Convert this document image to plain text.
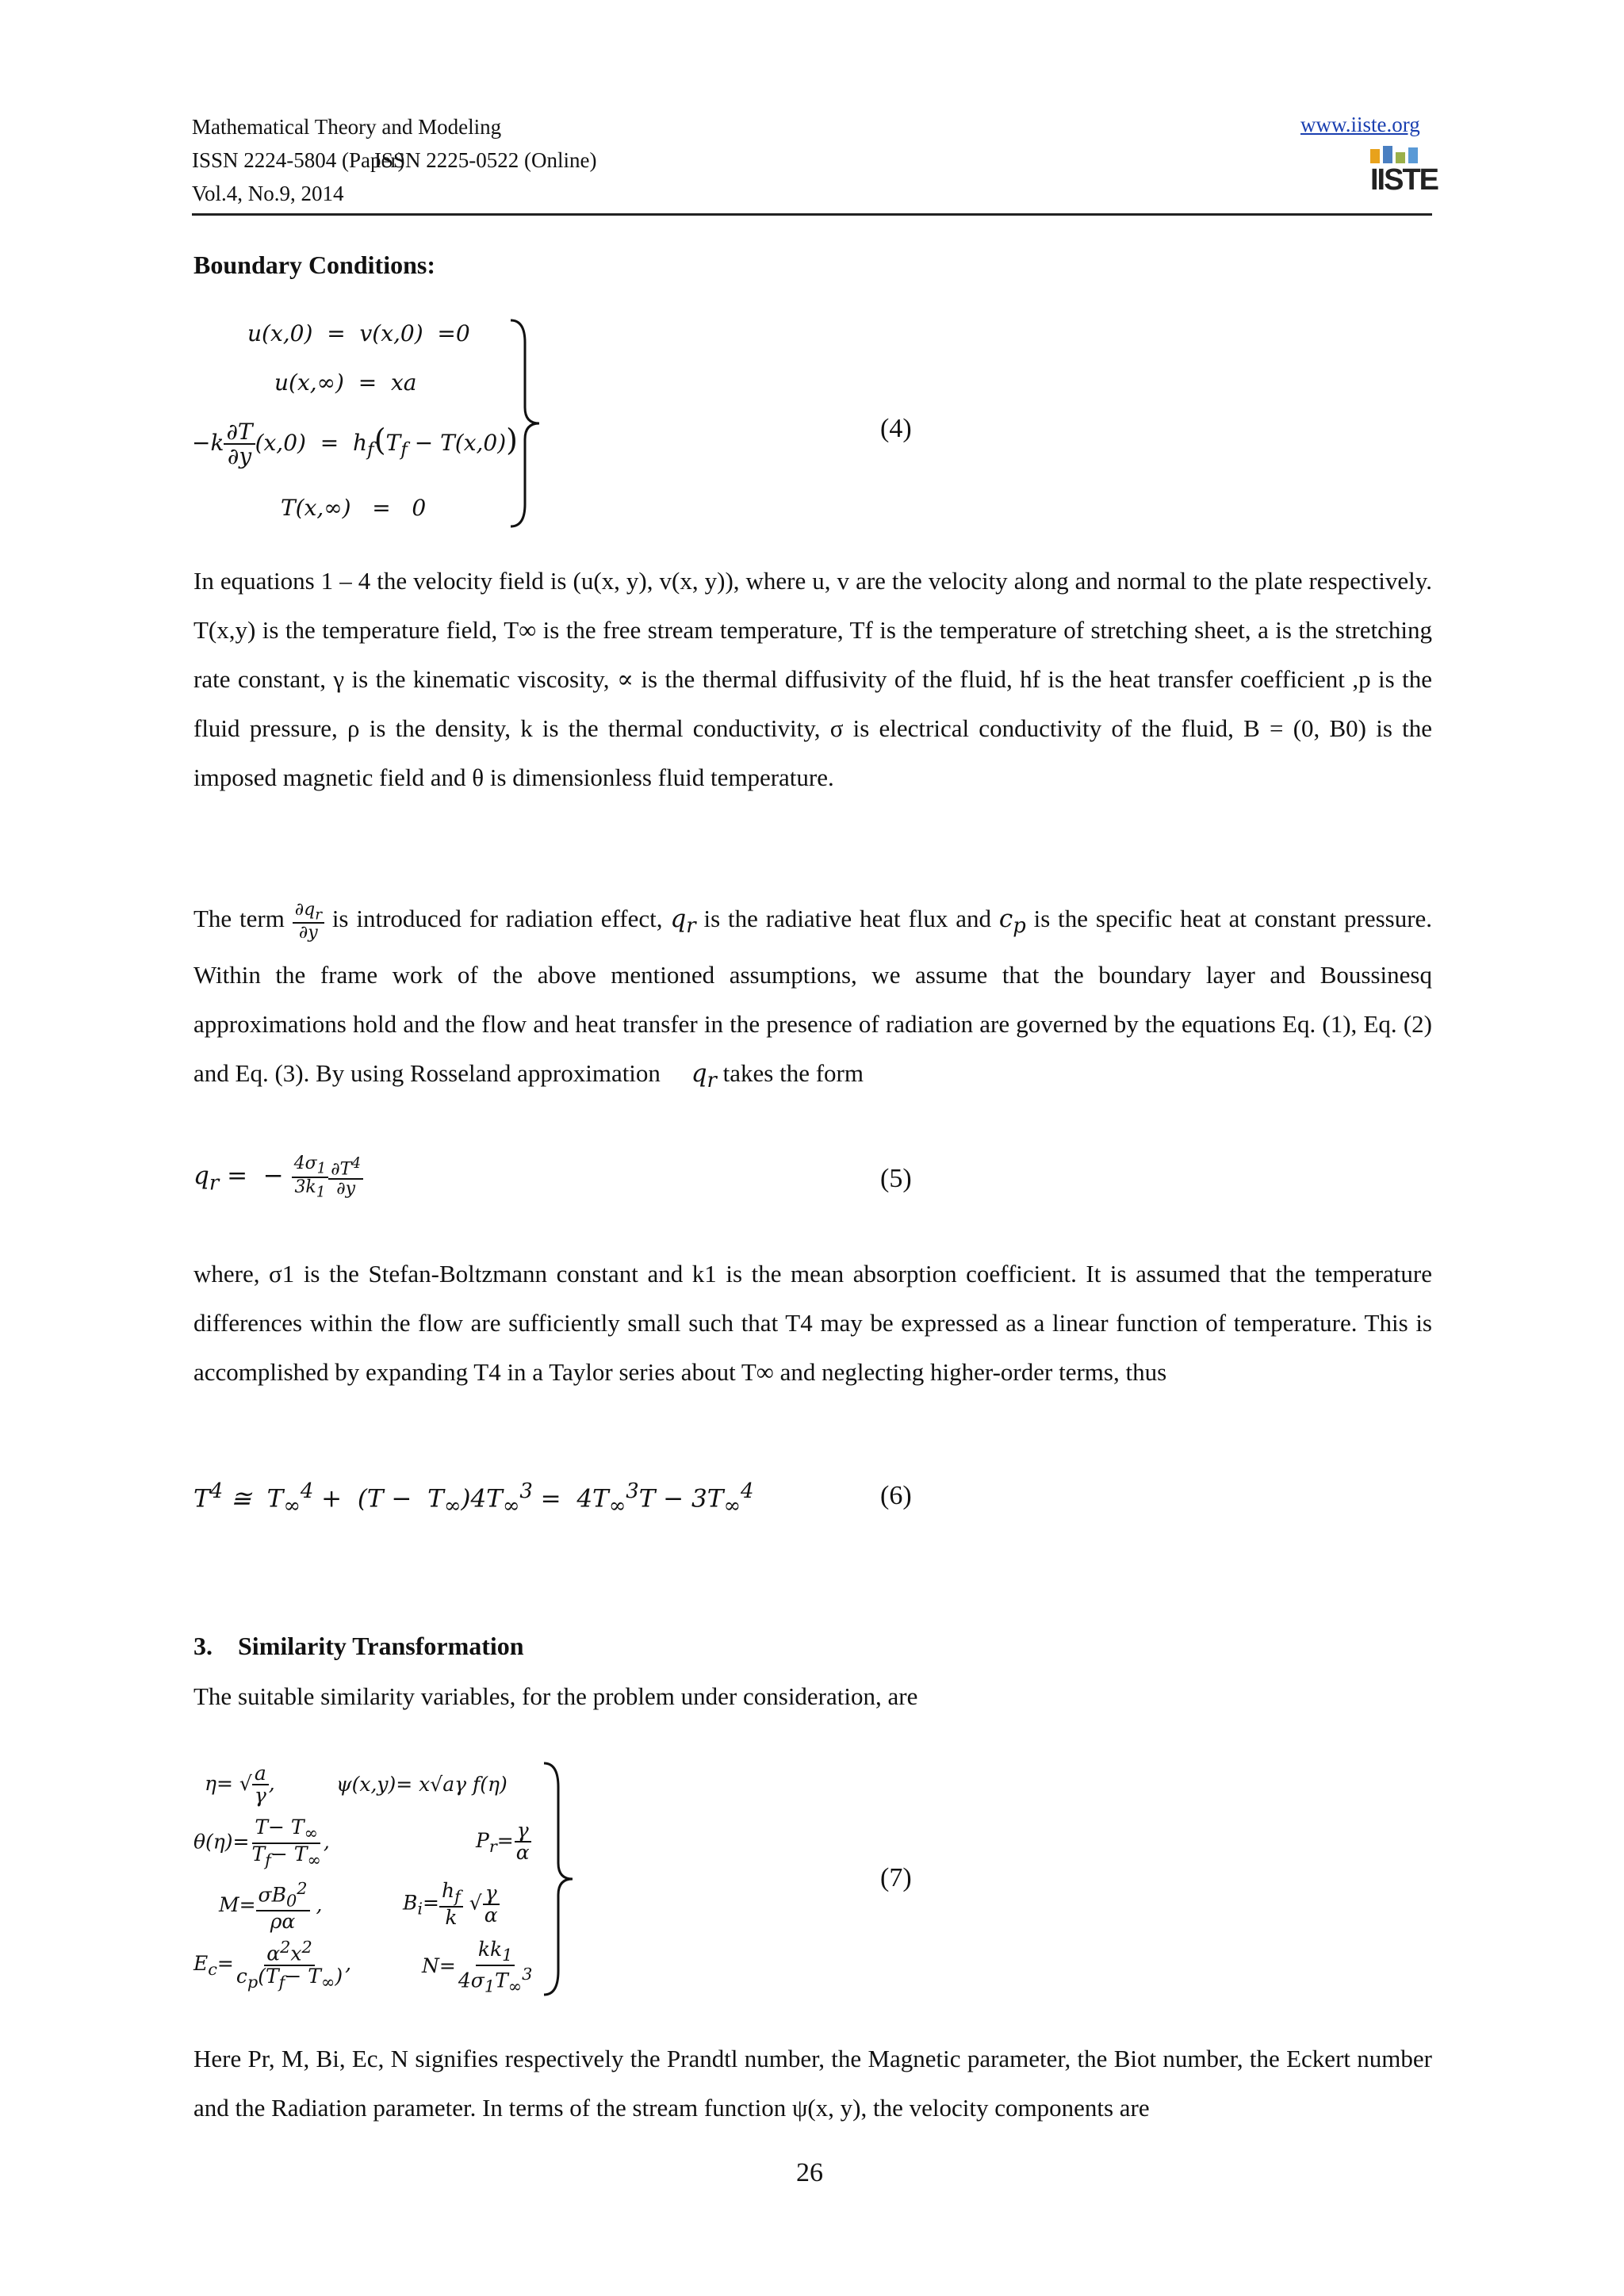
Mathematical Theory and Modeling
ISSN 2224-5804 (Paper)
ISSN 2225-0522 (Online)
Vol.4, No.9, 2014
www.iiste.org
IISTE
Boundary Conditions:
u(x,0)  =  v(x,0)  =0
u(x,∞)  =  xa
$-k \frac{\partial T}{\partial y} (x,0) = h_f(T_f - T(x,0))$
T(x,∞)   =   0
(4)

In equations 1 – 4 the velocity field is (u(x, y), v(x, y)), where u, v are the velocity along and normal to the plate respectively. T(x,y) is the temperature field, T∞ is the free stream temperature, Tf is the temperature of stretching sheet, a is the stretching rate constant, γ is the kinematic viscosity, ∝ is the thermal diffusivity of the fluid, hf is the heat transfer coefficient ,p is the fluid pressure, ρ is the density, k is the thermal conductivity, σ is electrical conductivity of the fluid, B = (0, B0) is the imposed magnetic field and θ is dimensionless fluid temperature.

The term $\frac{\partial q_r}{\partial y}$ is introduced for radiation effect, $q_r$ is the radiative heat flux and $c_p$ is the specific heat at constant pressure. Within the frame work of the above mentioned assumptions, we assume that the boundary layer and Boussinesq approximations hold and the flow and heat transfer in the presence of radiation are governed by the equations Eq. (1), Eq. (2) and Eq. (3). By using Rosseland approximation $q_r$ takes the form

$q_r$ =  − $\frac{4\sigma_1}{3k_1} \frac{\partial T^4}{\partial y}$	(5)

where, σ1 is the Stefan-Boltzmann constant and k1 is the mean absorption coefficient. It is assumed that the temperature differences within the flow are sufficiently small such that T4 may be expressed as a linear function of temperature. This is accomplished by expanding T4 in a Taylor series about T∞ and neglecting higher-order terms, thus

$T^4$ ≅  $T_\infty^4 + (T - T_\infty)4T_\infty^3 = 4T_\infty^3T - 3T_\infty^4$	(6)
3. Similarity Transformation
The suitable similarity variables, for the problem under consideration, are
η= √ $\frac{a}{\gamma}$ ,	ψ(x,y)= x√aγ f(η)
$\theta(\eta)= \frac{T- T_\infty}{T_f- T_\infty}$ ,	$P_r= \frac{\gamma}{\alpha}$
$M= \frac{\sigma B_0^2}{\rho\alpha}$ ,	$B_i= \frac{h_f}{k}$ √ $\frac{\gamma}{\alpha}$
$E_c= \frac{\alpha^2x^2}{c_p(T_f- T_\infty)}$ ,	$N= \frac{kk_1}{4\sigma_1T_\infty^3}$
(7)

Here Pr, M, Bi, Ec, N signifies respectively the Prandtl number, the Magnetic parameter, the Biot number, the Eckert number and the Radiation parameter. In terms of the stream function ψ(x, y), the velocity components are

26
